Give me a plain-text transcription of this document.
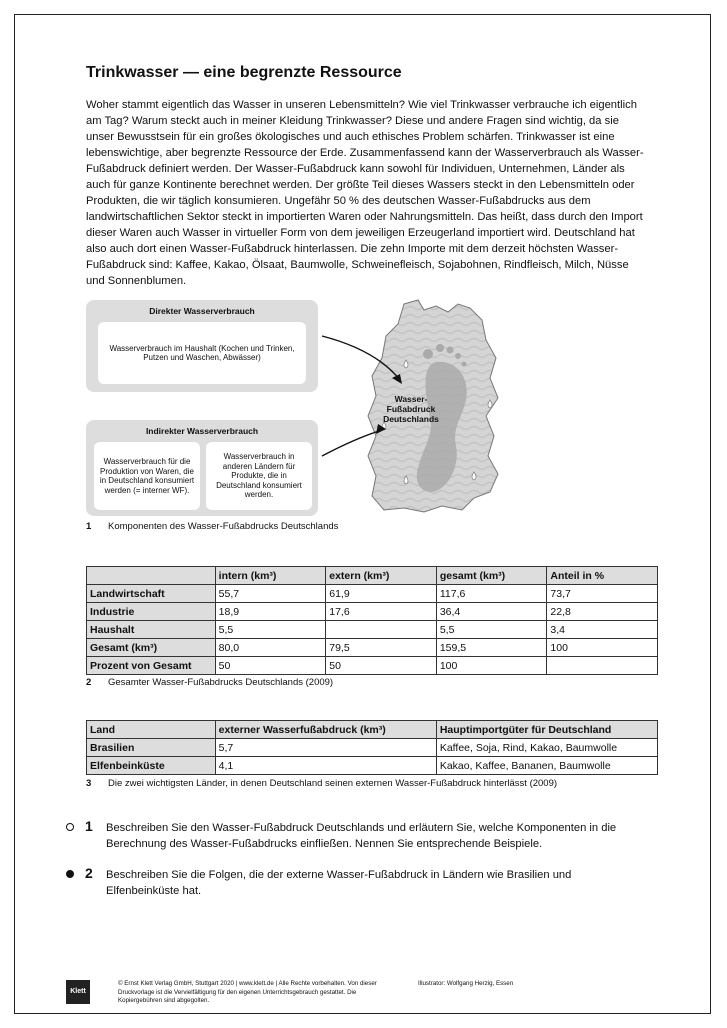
Trinkwasser — eine begrenzte Ressource

Woher stammt eigentlich das Wasser in unseren Lebensmitteln? Wie viel Trinkwasser verbrauche ich eigentlich am Tag? Warum steckt auch in meiner Kleidung Trinkwasser? Diese und andere Fragen sind wichtig, da sie unser Bewusstsein für ein großes ökologisches und auch ethisches Problem schärfen. Trinkwasser ist eine lebenswichtige, aber begrenzte Ressource der Erde. Zusammenfassend kann der Wasserverbrauch als Wasser-Fußabdruck definiert werden. Der Wasser-Fußabdruck kann sowohl für Individuen, Unternehmen, Länder als auch für ganze Kontinente berechnet werden. Der größte Teil dieses Wassers steckt in den Lebensmitteln oder Produkten, die wir täglich konsumieren. Ungefähr 50 % des deutschen Wasser-Fußabdrucks aus dem landwirtschaftlichen Sektor steckt in importierten Waren oder Nahrungsmitteln. Das heißt, dass durch den Import dieser Waren auch Wasser in virtueller Form von dem jeweiligen Erzeugerland importiert wird. Deutschland hat also auch dort einen Wasser-Fußabdruck hinterlassen. Die zehn Importe mit dem derzeit höchsten Wasser-Fußabdruck sind: Kaffee, Kakao, Ölsaat, Baumwolle, Schweinefleisch, Sojabohnen, Rindfleisch, Milch, Nüsse und Sonnenblumen.

Direkter Wasserverbrauch
Wasserverbrauch im Haushalt (Kochen und Trinken, Putzen und Waschen, Abwässer)
Indirekter Wasserverbrauch
Wasserverbrauch für die Produktion von Waren, die in Deutschland konsumiert werden (= interner WF).
Wasserverbrauch in anderen Ländern für Produkte, die in Deutschland konsumiert werden.
Wasser-
Fußabdruck
Deutschlands
1 Komponenten des Wasser-Fußabdrucks Deutschlands
	intern (km³)	extern (km³)	gesamt (km³)	Anteil in %
Landwirtschaft	55,7	61,9	117,6	73,7
Industrie	18,9	17,6	36,4	22,8
Haushalt	5,5		5,5	3,4
Gesamt (km³)	80,0	79,5	159,5	100
Prozent von Gesamt	50	50	100	
2 Gesamter Wasser-Fußabdrucks Deutschlands (2009)
Land	externer Wasserfußabdruck (km³)	Hauptimportgüter für Deutschland
Brasilien	5,7	Kaffee, Soja, Rind, Kakao, Baumwolle
Elfenbeinküste	4,1	Kakao, Kaffee, Bananen, Baumwolle
3 Die zwei wichtigsten Länder, in denen Deutschland seinen externen Wasser-Fußabdruck hinterlässt (2009)
1 Beschreiben Sie den Wasser-Fußabdruck Deutschlands und erläutern Sie, welche Komponenten in die Berechnung des Wasser-Fußabdrucks einfließen. Nennen Sie entsprechende Beispiele.
2 Beschreiben Sie die Folgen, die der externe Wasser-Fußabdruck in Ländern wie Brasilien und Elfenbeinküste hat.
Klett
© Ernst Klett Verlag GmbH, Stuttgart 2020 | www.klett.de | Alle Rechte vorbehalten. Von dieser Druckvorlage ist die Vervielfältigung für den eigenen Unterrichtsgebrauch gestattet. Die Kopiergebühren sind abgegolten.
Illustrator: Wolfgang Herzig, Essen
